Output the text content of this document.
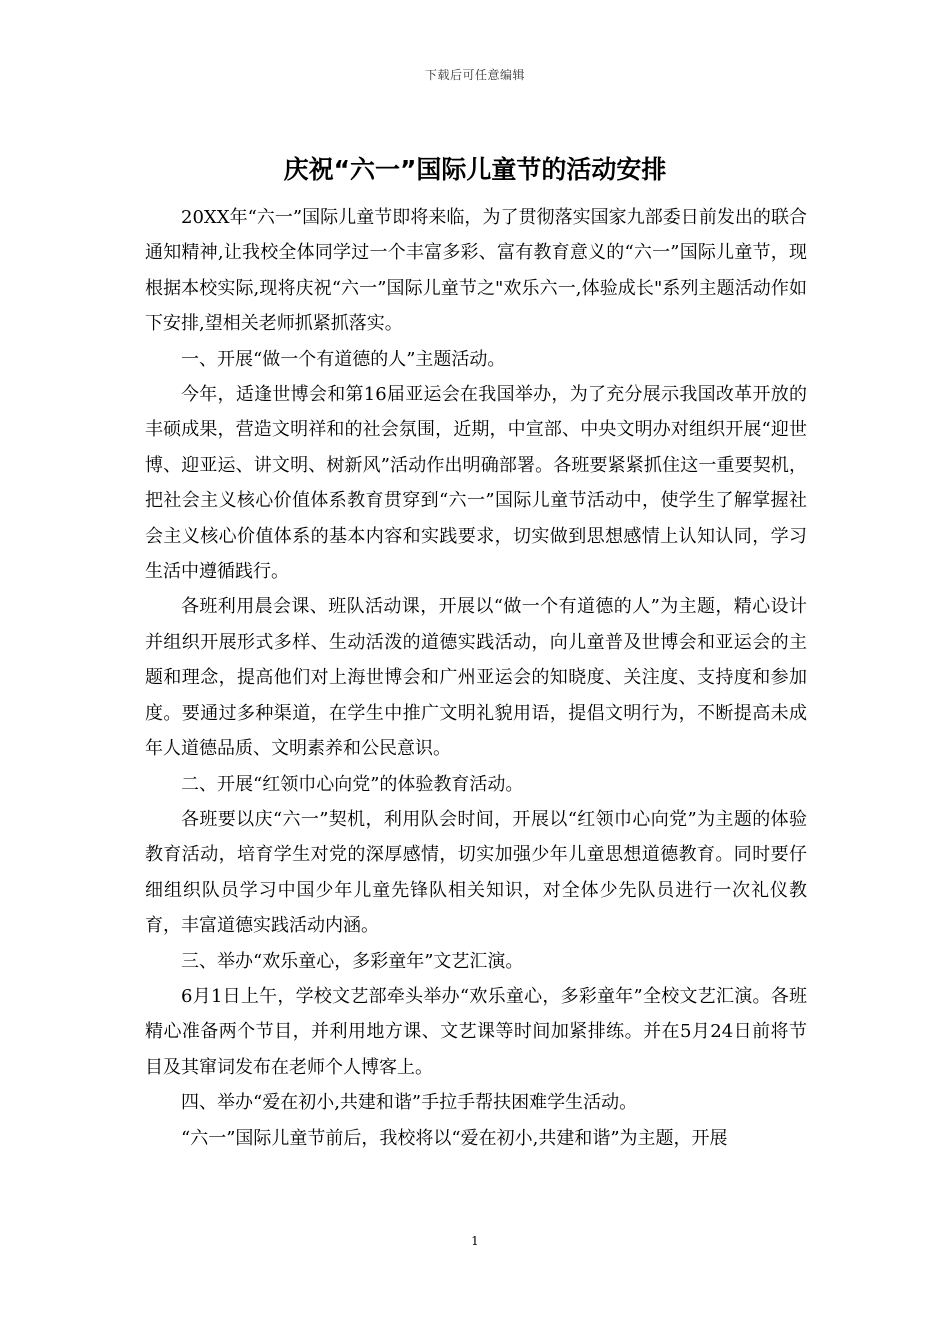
下载后可任意编辑
庆祝“六一”国际儿童节的活动安排

20XX年“六一”国际儿童节即将来临，为了贯彻落实国家九部委日前发出的联合通知精神,让我校全体同学过一个丰富多彩、富有教育意义的“六一”国际儿童节，现根据本校实际,现将庆祝“六一”国际儿童节之"欢乐六一,体验成长"系列主题活动作如下安排,望相关老师抓紧抓落实。

一、开展“做一个有道德的人”主题活动。

今年，适逢世博会和第16届亚运会在我国举办，为了充分展示我国改革开放的丰硕成果，营造文明祥和的社会氛围，近期，中宣部、中央文明办对组织开展“迎世博、迎亚运、讲文明、树新风”活动作出明确部署。各班要紧紧抓住这一重要契机，把社会主义核心价值体系教育贯穿到“六一”国际儿童节活动中，使学生了解掌握社会主义核心价值体系的基本内容和实践要求，切实做到思想感情上认知认同，学习生活中遵循践行。

各班利用晨会课、班队活动课，开展以“做一个有道德的人”为主题，精心设计并组织开展形式多样、生动活泼的道德实践活动，向儿童普及世博会和亚运会的主题和理念，提高他们对上海世博会和广州亚运会的知晓度、关注度、支持度和参加度。要通过多种渠道，在学生中推广文明礼貌用语，提倡文明行为，不断提高未成年人道德品质、文明素养和公民意识。

二、开展“红领巾心向党”的体验教育活动。

各班要以庆“六一”契机，利用队会时间，开展以“红领巾心向党”为主题的体验教育活动，培育学生对党的深厚感情，切实加强少年儿童思想道德教育。同时要仔细组织队员学习中国少年儿童先锋队相关知识，对全体少先队员进行一次礼仪教育，丰富道德实践活动内涵。

三、举办“欢乐童心，多彩童年”文艺汇演。

6月1日上午，学校文艺部牵头举办“欢乐童心，多彩童年”全校文艺汇演。各班精心准备两个节目，并利用地方课、文艺课等时间加紧排练。并在5月24日前将节目及其窜词发布在老师个人博客上。

四、举办“爱在初小,共建和谐”手拉手帮扶困难学生活动。

“六一”国际儿童节前后，我校将以“爱在初小,共建和谐”为主题，开展

1
